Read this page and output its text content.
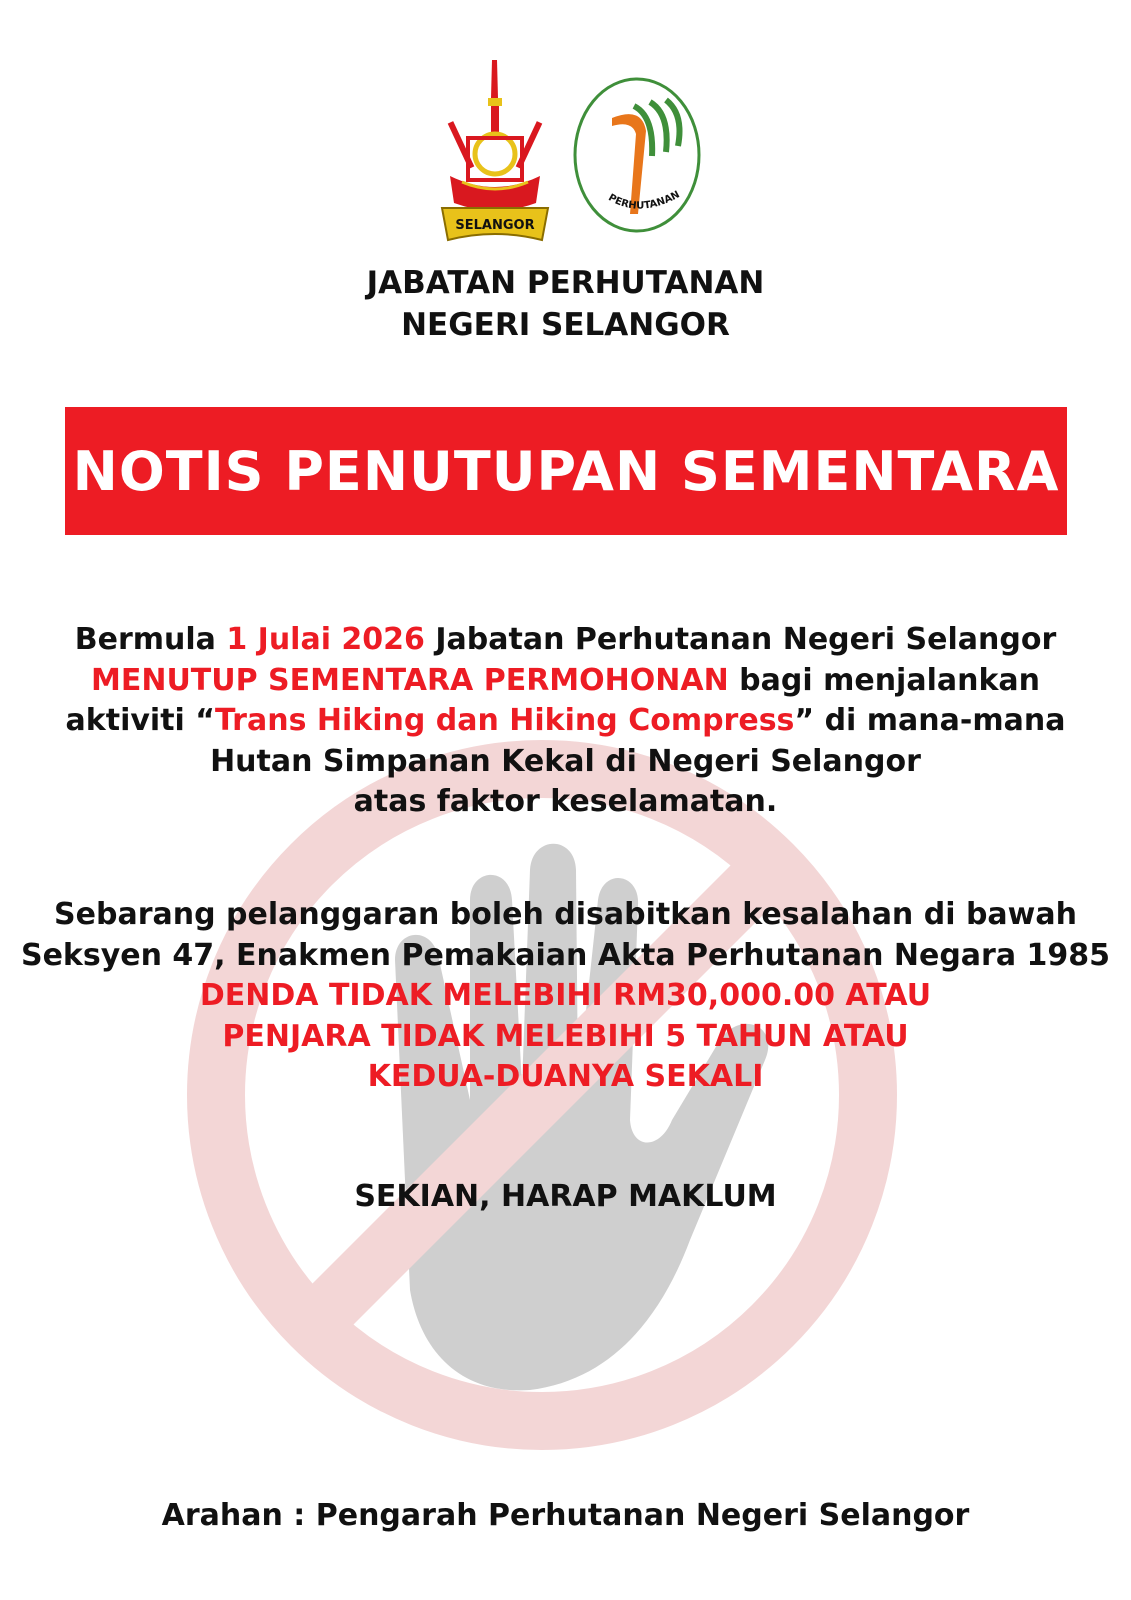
SELANGOR
PERHUTANAN
JABATAN PERHUTANAN
NEGERI SELANGOR
NOTIS PENUTUPAN SEMENTARA
Bermula 1 Julai 2026 Jabatan Perhutanan Negeri Selangor
MENUTUP SEMENTARA PERMOHONAN bagi menjalankan
aktiviti “Trans Hiking dan Hiking Compress” di mana-mana
Hutan Simpanan Kekal di Negeri Selangor
atas faktor keselamatan.
Sebarang pelanggaran boleh disabitkan kesalahan di bawah
Seksyen 47, Enakmen Pemakaian Akta Perhutanan Negara 1985
DENDA TIDAK MELEBIHI RM30,000.00 ATAU
PENJARA TIDAK MELEBIHI 5 TAHUN ATAU
KEDUA-DUANYA SEKALI
SEKIAN, HARAP MAKLUM
Arahan : Pengarah Perhutanan Negeri Selangor
